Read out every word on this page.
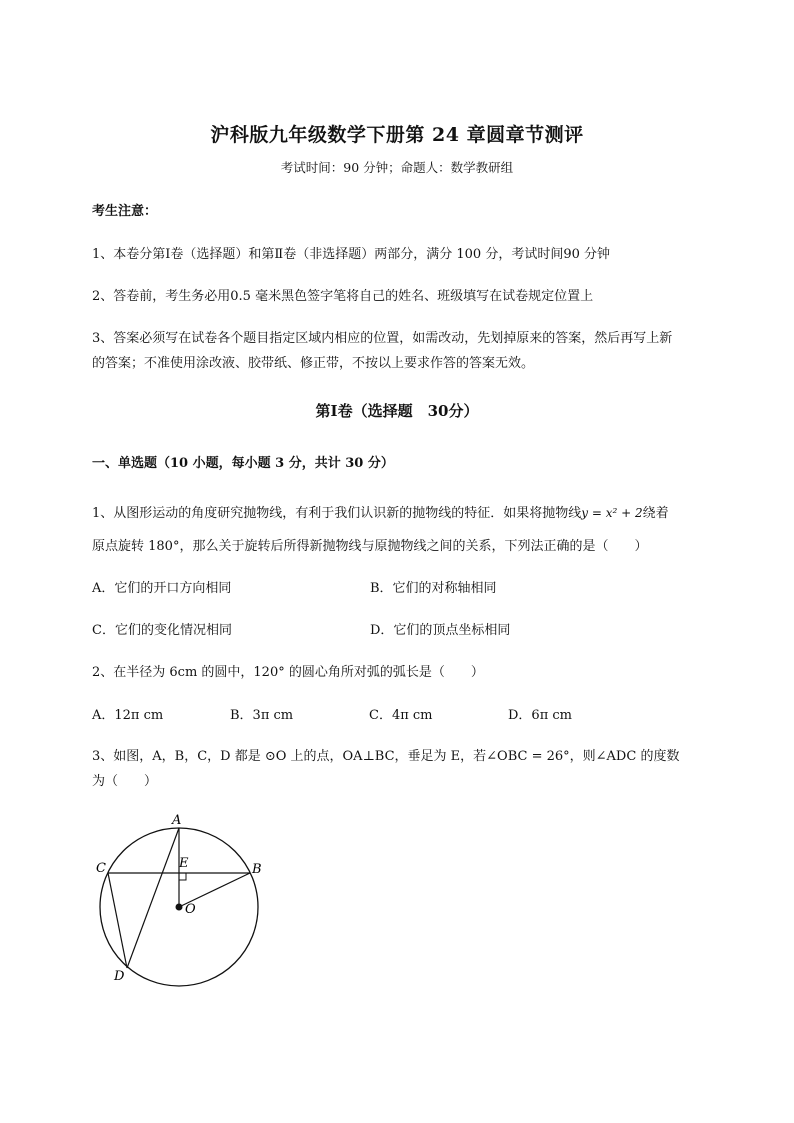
沪科版九年级数学下册第 24 章圆章节测评
考试时间：90 分钟；命题人：数学教研组
考生注意：
1、本卷分第Ⅰ卷（选择题）和第Ⅱ卷（非选择题）两部分，满分 100 分，考试时间90 分钟
2、答卷前，考生务必用0.5 毫米黑色签字笔将自己的姓名、班级填写在试卷规定位置上
3、答案必须写在试卷各个题目指定区域内相应的位置，如需改动，先划掉原来的答案，然后再写上新
的答案；不准使用涂改液、胶带纸、修正带，不按以上要求作答的答案无效。
第Ⅰ卷（选择题　30分）
一、单选题（10 小题，每小题 3 分，共计 30 分）
1、从图形运动的角度研究抛物线，有利于我们认识新的抛物线的特征．如果将抛物线y = x² + 2绕着
原点旋转 180°，那么关于旋转后所得新抛物线与原抛物线之间的关系，下列法正确的是（　　）
A．它们的开口方向相同	B．它们的对称轴相同
C．它们的变化情况相同	D．它们的顶点坐标相同
2、在半径为 6cm 的圆中，120° 的圆心角所对弧的弧长是（　　）
A．12π cm	B．3π cm	C．4π cm	D．6π cm
3、如图，A，B，C，D 都是 ⊙O 上的点，OA⊥BC，垂足为 E，若∠OBC = 26°，则∠ADC 的度数
为（　　）
A
B
C
D
E
O
